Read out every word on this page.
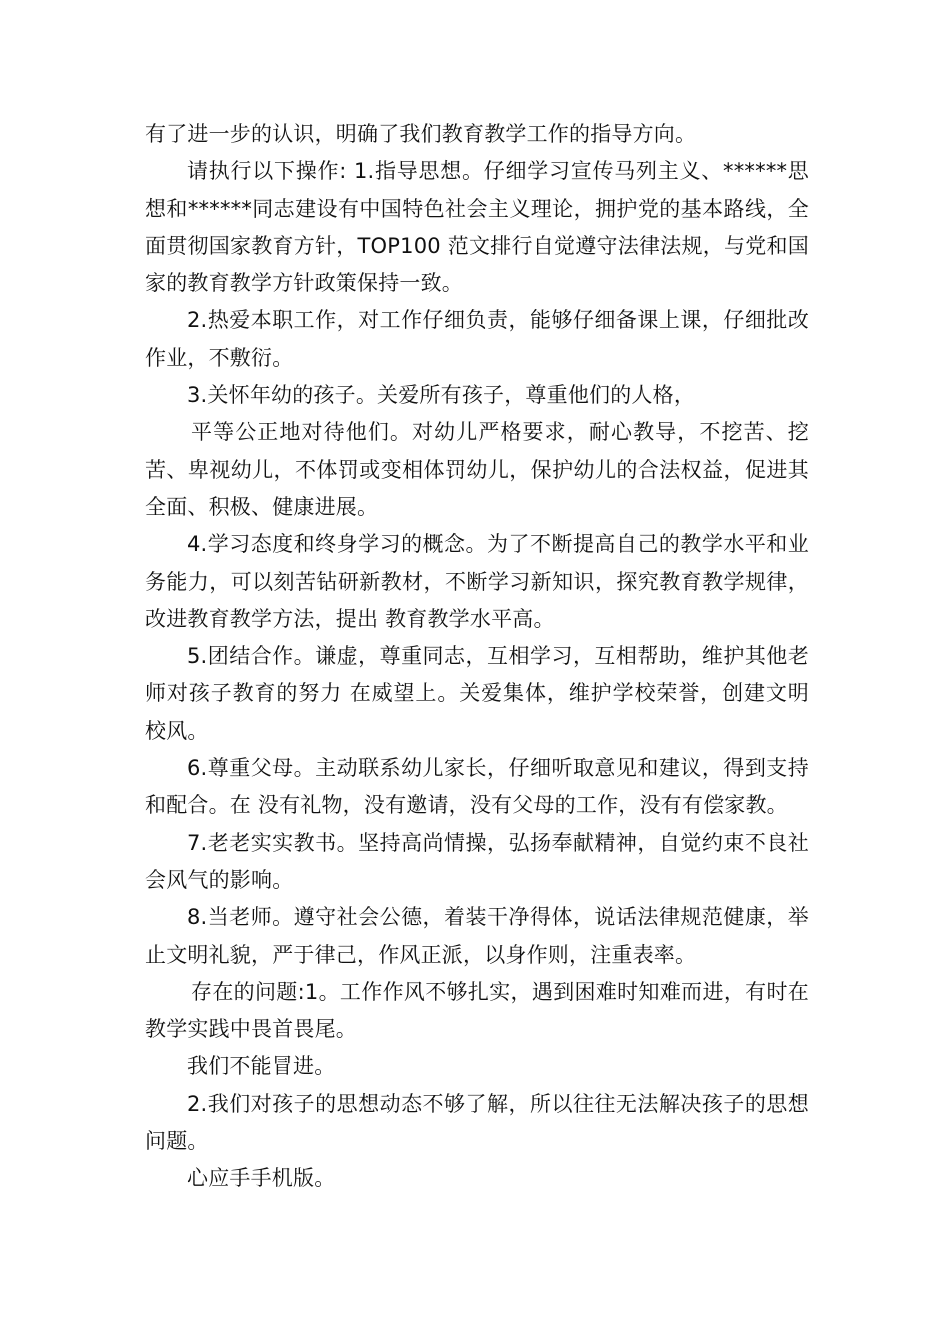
有了进一步的认识，明确了我们教育教学工作的指导方向。

请执行以下操作: 1.指导思想。仔细学习宣传马列主义、******思想和******同志建设有中国特色社会主义理论，拥护党的基本路线，全面贯彻国家教育方针，TOP100 范文排行自觉遵守法律法规，与党和国家的教育教学方针政策保持一致。

2.热爱本职工作，对工作仔细负责，能够仔细备课上课，仔细批改作业，不敷衍。

3.关怀年幼的孩子。关爱所有孩子，尊重他们的人格，

平等公正地对待他们。对幼儿严格要求，耐心教导，不挖苦、挖苦、卑视幼儿，不体罚或变相体罚幼儿，保护幼儿的合法权益，促进其全面、积极、健康进展。

4.学习态度和终身学习的概念。为了不断提高自己的教学水平和业务能力，可以刻苦钻研新教材，不断学习新知识，探究教育教学规律，改进教育教学方法，提出 教育教学水平高。

5.团结合作。谦虚，尊重同志，互相学习，互相帮助，维护其他老师对孩子教育的努力 在威望上。关爱集体，维护学校荣誉，创建文明校风。

6.尊重父母。主动联系幼儿家长，仔细听取意见和建议，得到支持和配合。在 没有礼物，没有邀请，没有父母的工作，没有有偿家教。

7.老老实实教书。坚持高尚情操，弘扬奉献精神，自觉约束不良社会风气的影响。

8.当老师。遵守社会公德，着装干净得体，说话法律规范健康，举止文明礼貌，严于律己，作风正派，以身作则，注重表率。

存在的问题:1。工作作风不够扎实，遇到困难时知难而进，有时在教学实践中畏首畏尾。

我们不能冒进。

2.我们对孩子的思想动态不够了解，所以往往无法解决孩子的思想问题。

心应手手机版。
